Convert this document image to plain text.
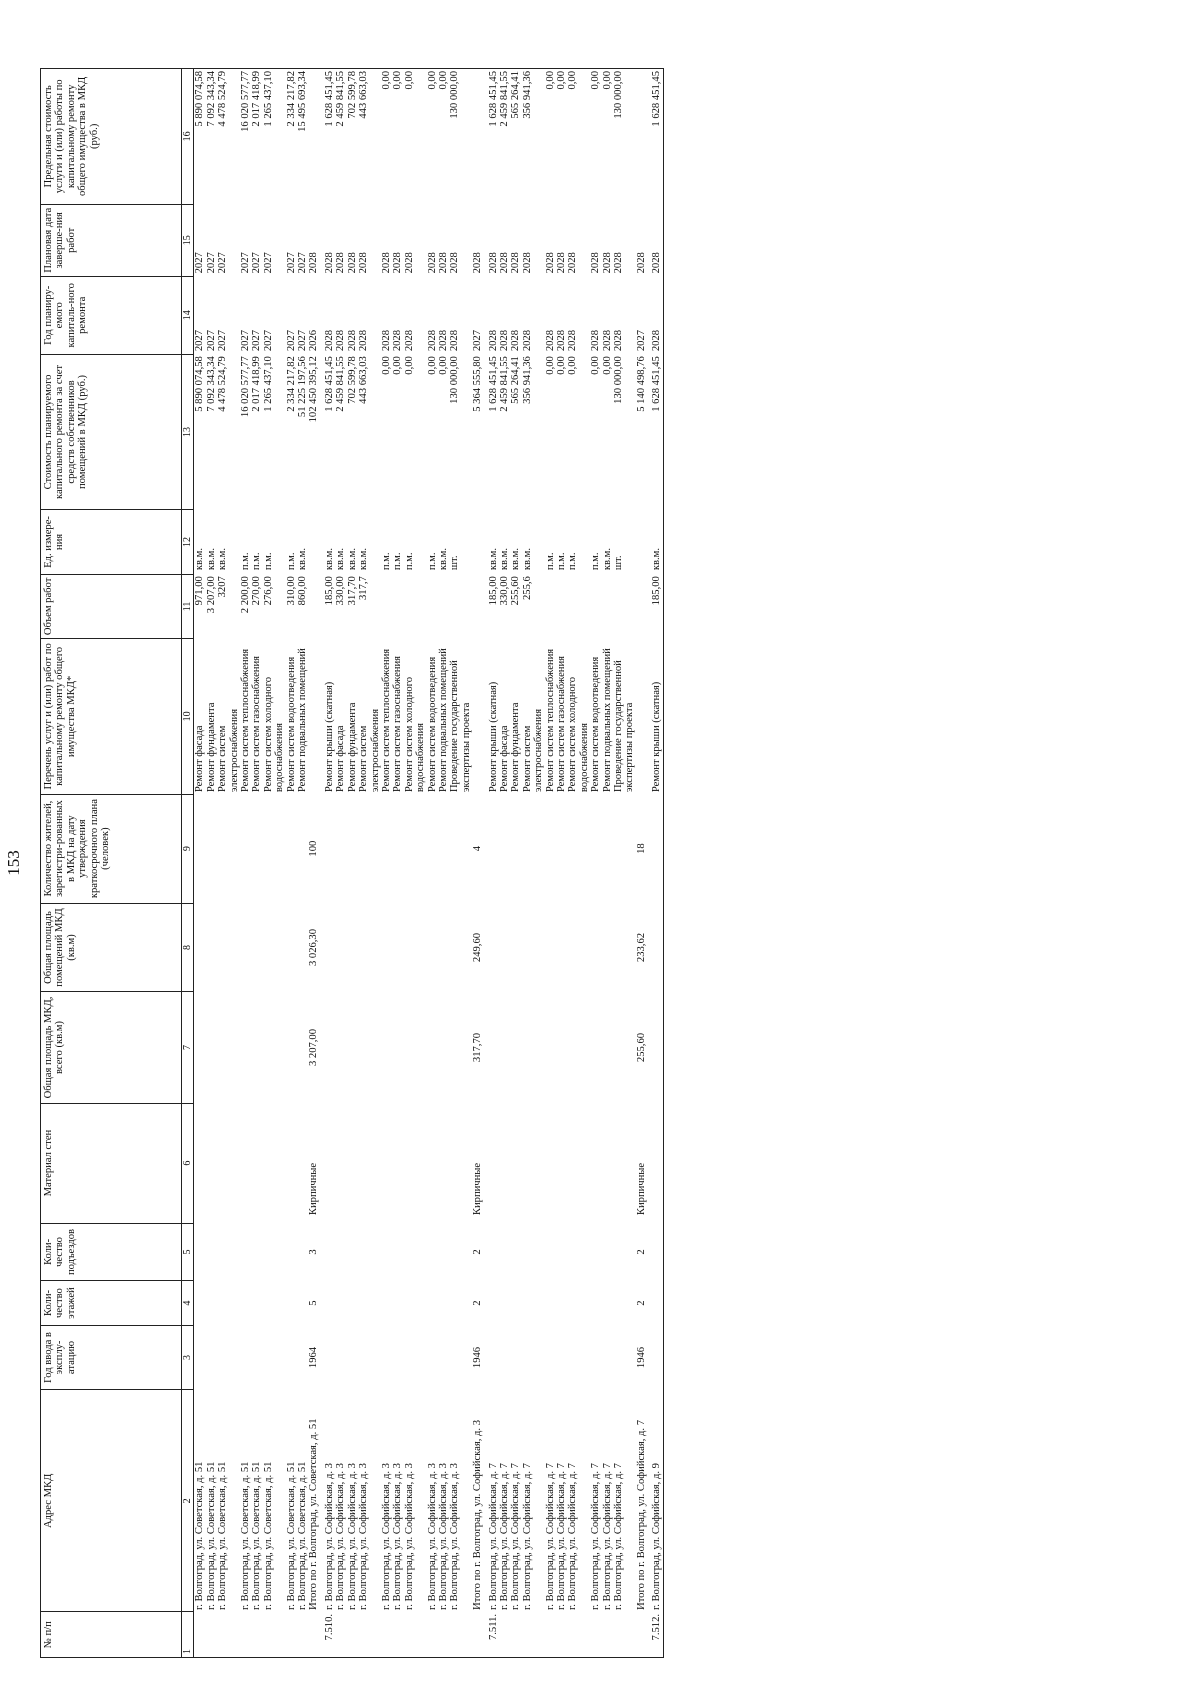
153
№ п/п	Адрес МКД	Год ввода в эксплу-атацию	Коли-чество этажей	Коли-чество подъездов	Материал стен	Общая площадь МКД, всего (кв.м)	Общая площадь помещений МКД (кв.м)	Количество жителей, зарегистри-рованных в МКД на дату утверждения краткосрочного плана (человек)	Перечень услуг и (или) работ по капитальному ремонту общего имущества МКД*	Объем работ	Ед. измере-ния	Стоимость планируемого капитального ремонта за счет средств собственников помещений в МКД (руб.)	Год планиру-емого капиталь-ного ремонта	Плановая дата заверше-ния работ	Предельная стоимость услуги и (или) работы по капитальному ремонту общего имущества в МКД (руб.)
1	2	3	4	5	6	7	8	9	10	11	12	13	14	15	16
	г. Волгоград, ул. Советская, д. 51								Ремонт фасада	971,00	кв.м.	5 890 074,58	2027	2027	5 890 074,58
	г. Волгоград, ул. Советская, д. 51								Ремонт фундамента	3 207,00	кв.м.	7 092 343,34	2027	2027	7 092 343,34
	г. Волгоград, ул. Советская, д. 51								Ремонт систем электроснабжения	3207	кв.м.	4 478 524,79	2027	2027	4 478 524,79
	г. Волгоград, ул. Советская, д. 51								Ремонт систем теплоснабжения	2 200,00	п.м.	16 020 577,77	2027	2027	16 020 577,77
	г. Волгоград, ул. Советская, д. 51								Ремонт систем газоснабжения	270,00	п.м.	2 017 418,99	2027	2027	2 017 418,99
	г. Волгоград, ул. Советская, д. 51								Ремонт систем холодного водоснабжения	276,00	п.м.	1 265 437,10	2027	2027	1 265 437,10
	г. Волгоград, ул. Советская, д. 51								Ремонт систем водоотведения	310,00	п.м.	2 334 217,82	2027	2027	2 334 217,82
	г. Волгоград, ул. Советская, д. 51								Ремонт подвальных помещений	860,00	кв.м.	51 225 197,56	2027	2027	15 495 693,34
	Итого по г. Волгоград, ул. Советская, д. 51	1964	5	3	Кирпичные	3 207,00	3 026,30	100				102 450 395,12	2026	2028	

7.510.	г. Волгоград, ул. Софийская, д. 3								Ремонт крыши (скатная)	185,00	кв.м.	1 628 451,45	2028	2028	1 628 451,45
	г. Волгоград, ул. Софийская, д. 3								Ремонт фасада	330,00	кв.м.	2 459 841,55	2028	2028	2 459 841,55
	г. Волгоград, ул. Софийская, д. 3								Ремонт фундамента	317,70	кв.м.	702 599,78	2028	2028	702 599,78
	г. Волгоград, ул. Софийская, д. 3								Ремонт систем электроснабжения	317,7	кв.м.	443 663,03	2028	2028	443 663,03
	г. Волгоград, ул. Софийская, д. 3								Ремонт систем теплоснабжения		п.м.	0,00	2028	2028	0,00
	г. Волгоград, ул. Софийская, д. 3								Ремонт систем газоснабжения		п.м.	0,00	2028	2028	0,00
	г. Волгоград, ул. Софийская, д. 3								Ремонт систем холодного водоснабжения		п.м.	0,00	2028	2028	0,00
	г. Волгоград, ул. Софийская, д. 3								Ремонт систем водоотведения		п.м.	0,00	2028	2028	0,00
	г. Волгоград, ул. Софийская, д. 3								Ремонт подвальных помещений		кв.м.	0,00	2028	2028	0,00
	г. Волгоград, ул. Софийская, д. 3								Проведение государственной экспертизы проекта		шт.	130 000,00	2028	2028	130 000,00
	Итого по г. Волгоград, ул. Софийская, д. 3	1946	2	2	Кирпичные	317,70	249,60	4				5 364 555,80	2027	2028	

7.511.	г. Волгоград, ул. Софийская, д. 7								Ремонт крыши (скатная)	185,00	кв.м.	1 628 451,45	2028	2028	1 628 451,45
	г. Волгоград, ул. Софийская, д. 7								Ремонт фасада	330,00	кв.м.	2 459 841,55	2028	2028	2 459 841,55
	г. Волгоград, ул. Софийская, д. 7								Ремонт фундамента	255,60	кв.м.	565 264,41	2028	2028	565 264,41
	г. Волгоград, ул. Софийская, д. 7								Ремонт систем электроснабжения	255,6	кв.м.	356 941,36	2028	2028	356 941,36
	г. Волгоград, ул. Софийская, д. 7								Ремонт систем теплоснабжения		п.м.	0,00	2028	2028	0,00
	г. Волгоград, ул. Софийская, д. 7								Ремонт систем газоснабжения		п.м.	0,00	2028	2028	0,00
	г. Волгоград, ул. Софийская, д. 7								Ремонт систем холодного водоснабжения		п.м.	0,00	2028	2028	0,00
	г. Волгоград, ул. Софийская, д. 7								Ремонт систем водоотведения		п.м.	0,00	2028	2028	0,00
	г. Волгоград, ул. Софийская, д. 7								Ремонт подвальных помещений		кв.м.	0,00	2028	2028	0,00
	г. Волгоград, ул. Софийская, д. 7								Проведение государственной экспертизы проекта		шт.	130 000,00	2028	2028	130 000,00
	Итого по г. Волгоград, ул. Софийская, д. 7	1946	2	2	Кирпичные	255,60	233,62	18				5 140 498,76	2027	2028	

7.512.	г. Волгоград, ул. Софийская, д. 9								Ремонт крыши (скатная)	185,00	кв.м.	1 628 451,45	2028	2028	1 628 451,45
